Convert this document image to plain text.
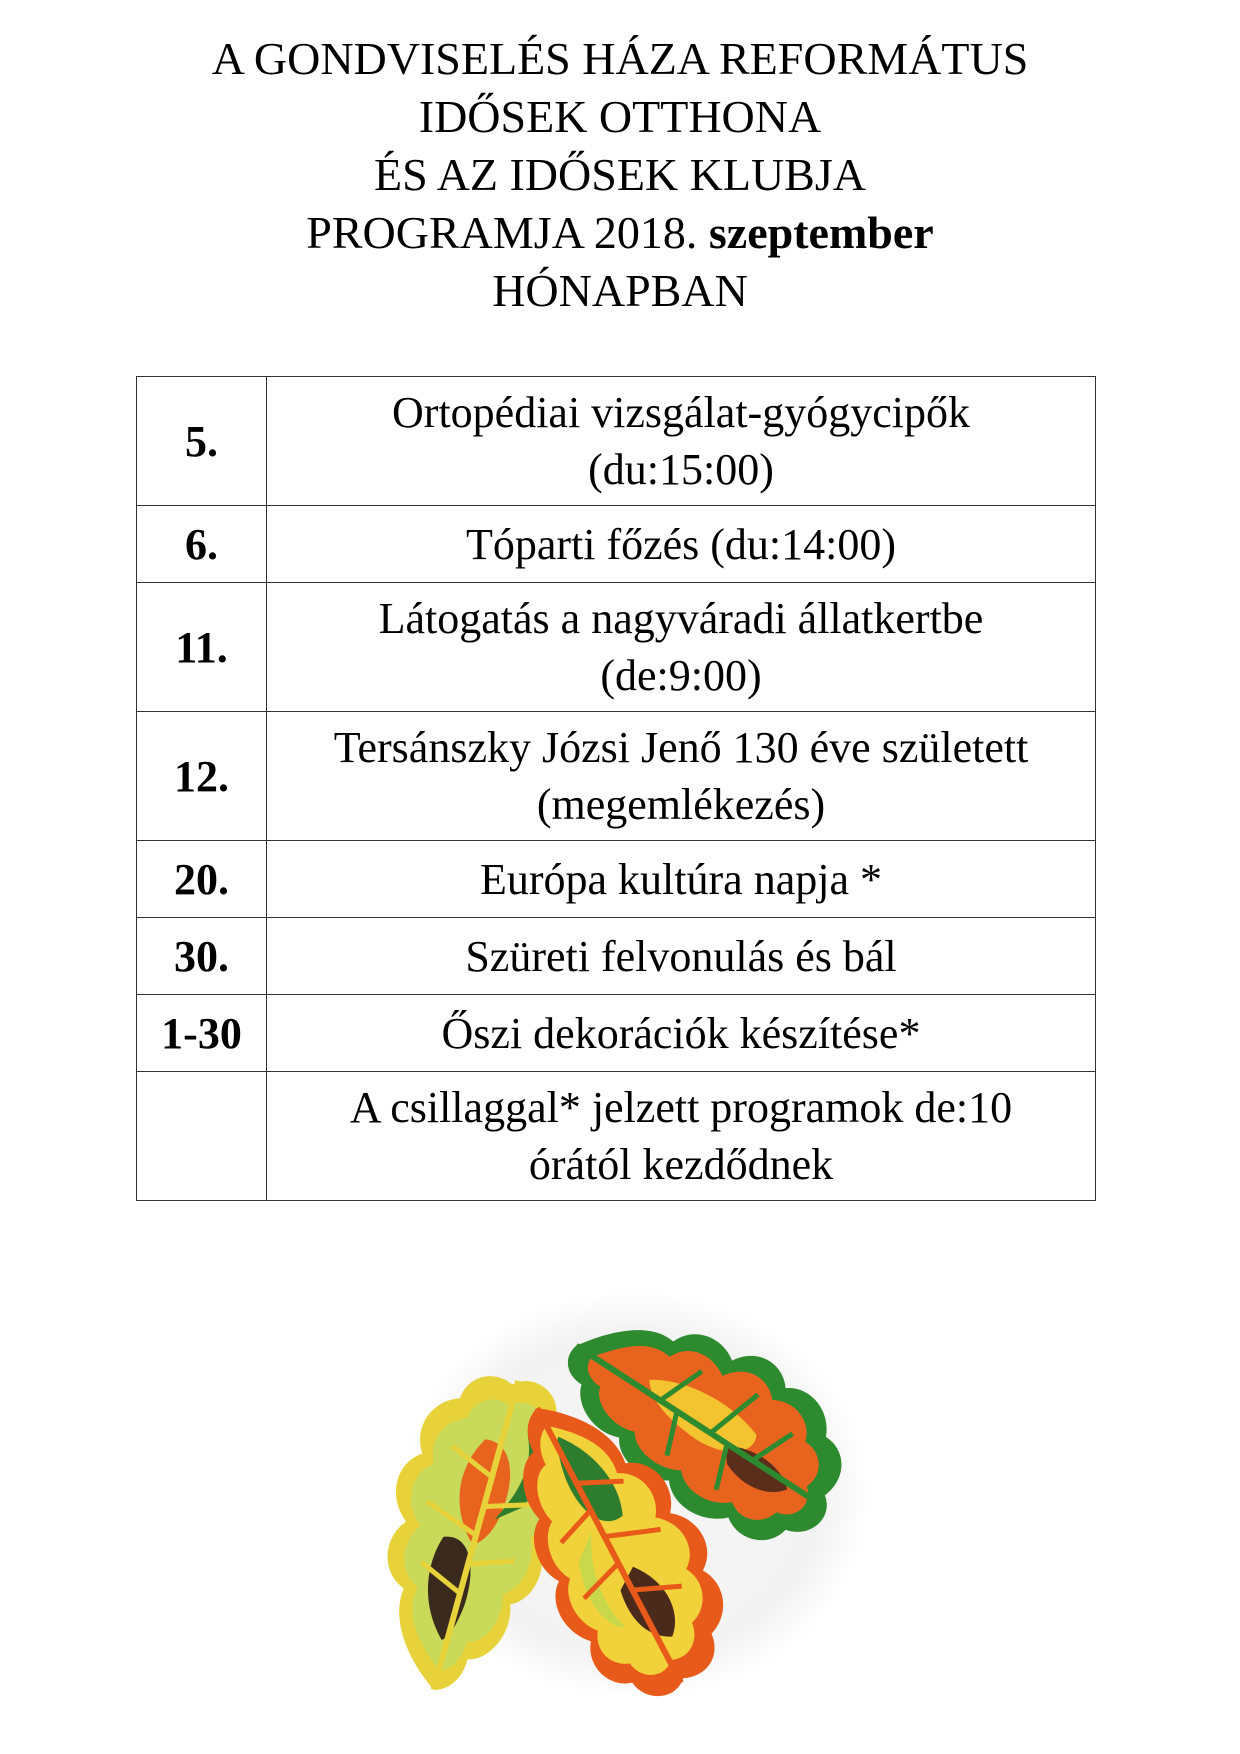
A GONDVISELÉS HÁZA REFORMÁTUS
IDŐSEK OTTHONA
ÉS AZ IDŐSEK KLUBJA
PROGRAMJA 2018. szeptember
HÓNAPBAN
5.	Ortopédiai vizsgálat-gyógycipők
(du:15:00)
6.	Tóparti főzés (du:14:00)
11.	Látogatás a nagyváradi állatkertbe
(de:9:00)
12.	Tersánszky Józsi Jenő 130 éve született
(megemlékezés)
20.	Európa kultúra napja *
30.	Szüreti felvonulás és bál
1-30	Őszi dekorációk készítése*
	A csillaggal* jelzett programok de:10
órától kezdődnek
